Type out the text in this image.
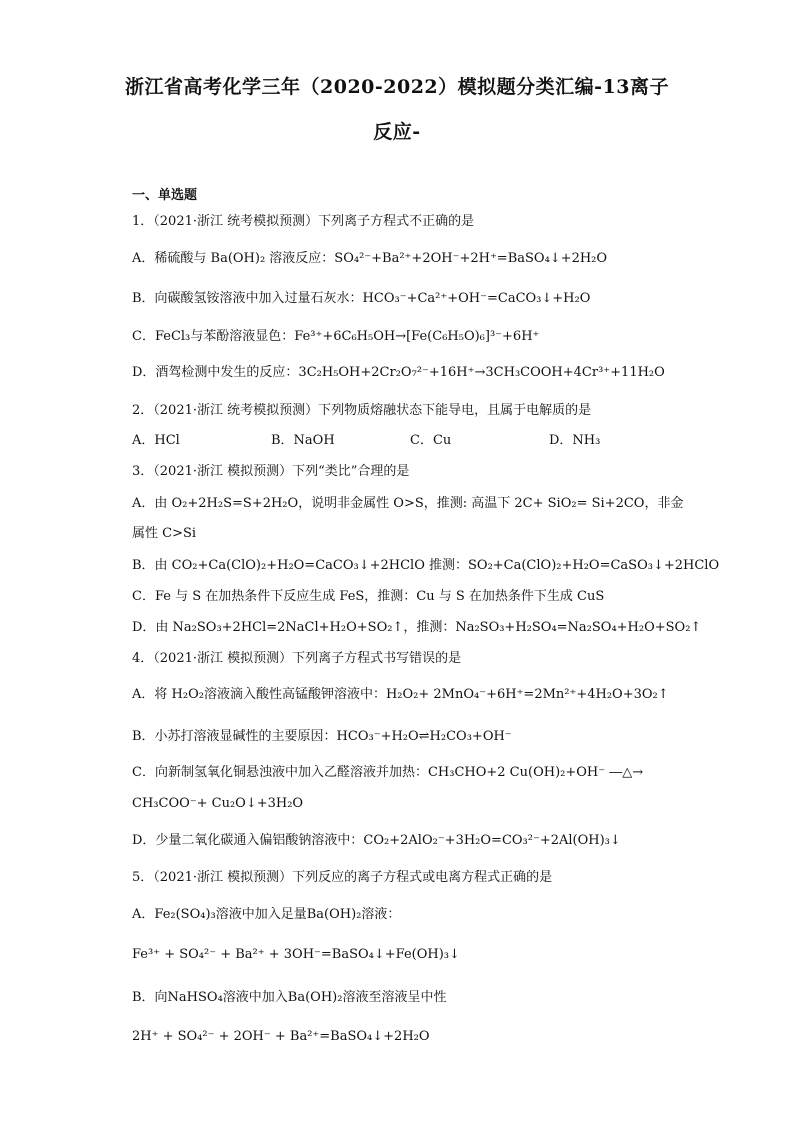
浙江省高考化学三年（2020-2022）模拟题分类汇编-13离子
反应-
一、单选题
1．（2021·浙江 统考模拟预测）下列离子方程式不正确的是
A．稀硫酸与 Ba(OH)₂ 溶液反应：SO₄²⁻+Ba²⁺+2OH⁻+2H⁺=BaSO₄↓+2H₂O
B．向碳酸氢铵溶液中加入过量石灰水：HCO₃⁻+Ca²⁺+OH⁻=CaCO₃↓+H₂O
C．FeCl₃与苯酚溶液显色：Fe³⁺+6C₆H₅OH→[Fe(C₆H₅O)₆]³⁻+6H⁺
D．酒驾检测中发生的反应：3C₂H₅OH+2Cr₂O₇²⁻+16H⁺→3CH₃COOH+4Cr³⁺+11H₂O
2．（2021·浙江 统考模拟预测）下列物质熔融状态下能导电，且属于电解质的是
A．HCl	B．NaOH	C．Cu	D．NH₃
3．（2021·浙江 模拟预测）下列“类比”合理的是
A．由 O₂+2H₂S=S+2H₂O，说明非金属性 O>S，推测: 高温下 2C+ SiO₂= Si+2CO，非金
属性 C>Si
B．由 CO₂+Ca(ClO)₂+H₂O=CaCO₃↓+2HClO 推测：SO₂+Ca(ClO)₂+H₂O=CaSO₃↓+2HClO
C．Fe 与 S 在加热条件下反应生成 FeS，推测：Cu 与 S 在加热条件下生成 CuS
D．由 Na₂SO₃+2HCl=2NaCl+H₂O+SO₂↑，推测：Na₂SO₃+H₂SO₄=Na₂SO₄+H₂O+SO₂↑
4．（2021·浙江 模拟预测）下列离子方程式书写错误的是
A．将 H₂O₂溶液滴入酸性高锰酸钾溶液中：H₂O₂+ 2MnO₄⁻+6H⁺=2Mn²⁺+4H₂O+3O₂↑
B．小苏打溶液显碱性的主要原因：HCO₃⁻+H₂O⇌H₂CO₃+OH⁻
C．向新制氢氧化铜悬浊液中加入乙醛溶液并加热：CH₃CHO+2 Cu(OH)₂+OH⁻ ―△→
CH₃COO⁻+ Cu₂O↓+3H₂O
D．少量二氧化碳通入偏铝酸钠溶液中：CO₂+2AlO₂⁻+3H₂O=CO₃²⁻+2Al(OH)₃↓
5．（2021·浙江 模拟预测）下列反应的离子方程式或电离方程式正确的是
A．Fe₂(SO₄)₃溶液中加入足量Ba(OH)₂溶液：
Fe³⁺ + SO₄²⁻ + Ba²⁺ + 3OH⁻=BaSO₄↓+Fe(OH)₃↓
B．向NaHSO₄溶液中加入Ba(OH)₂溶液至溶液呈中性
2H⁺ + SO₄²⁻ + 2OH⁻ + Ba²⁺=BaSO₄↓+2H₂O
